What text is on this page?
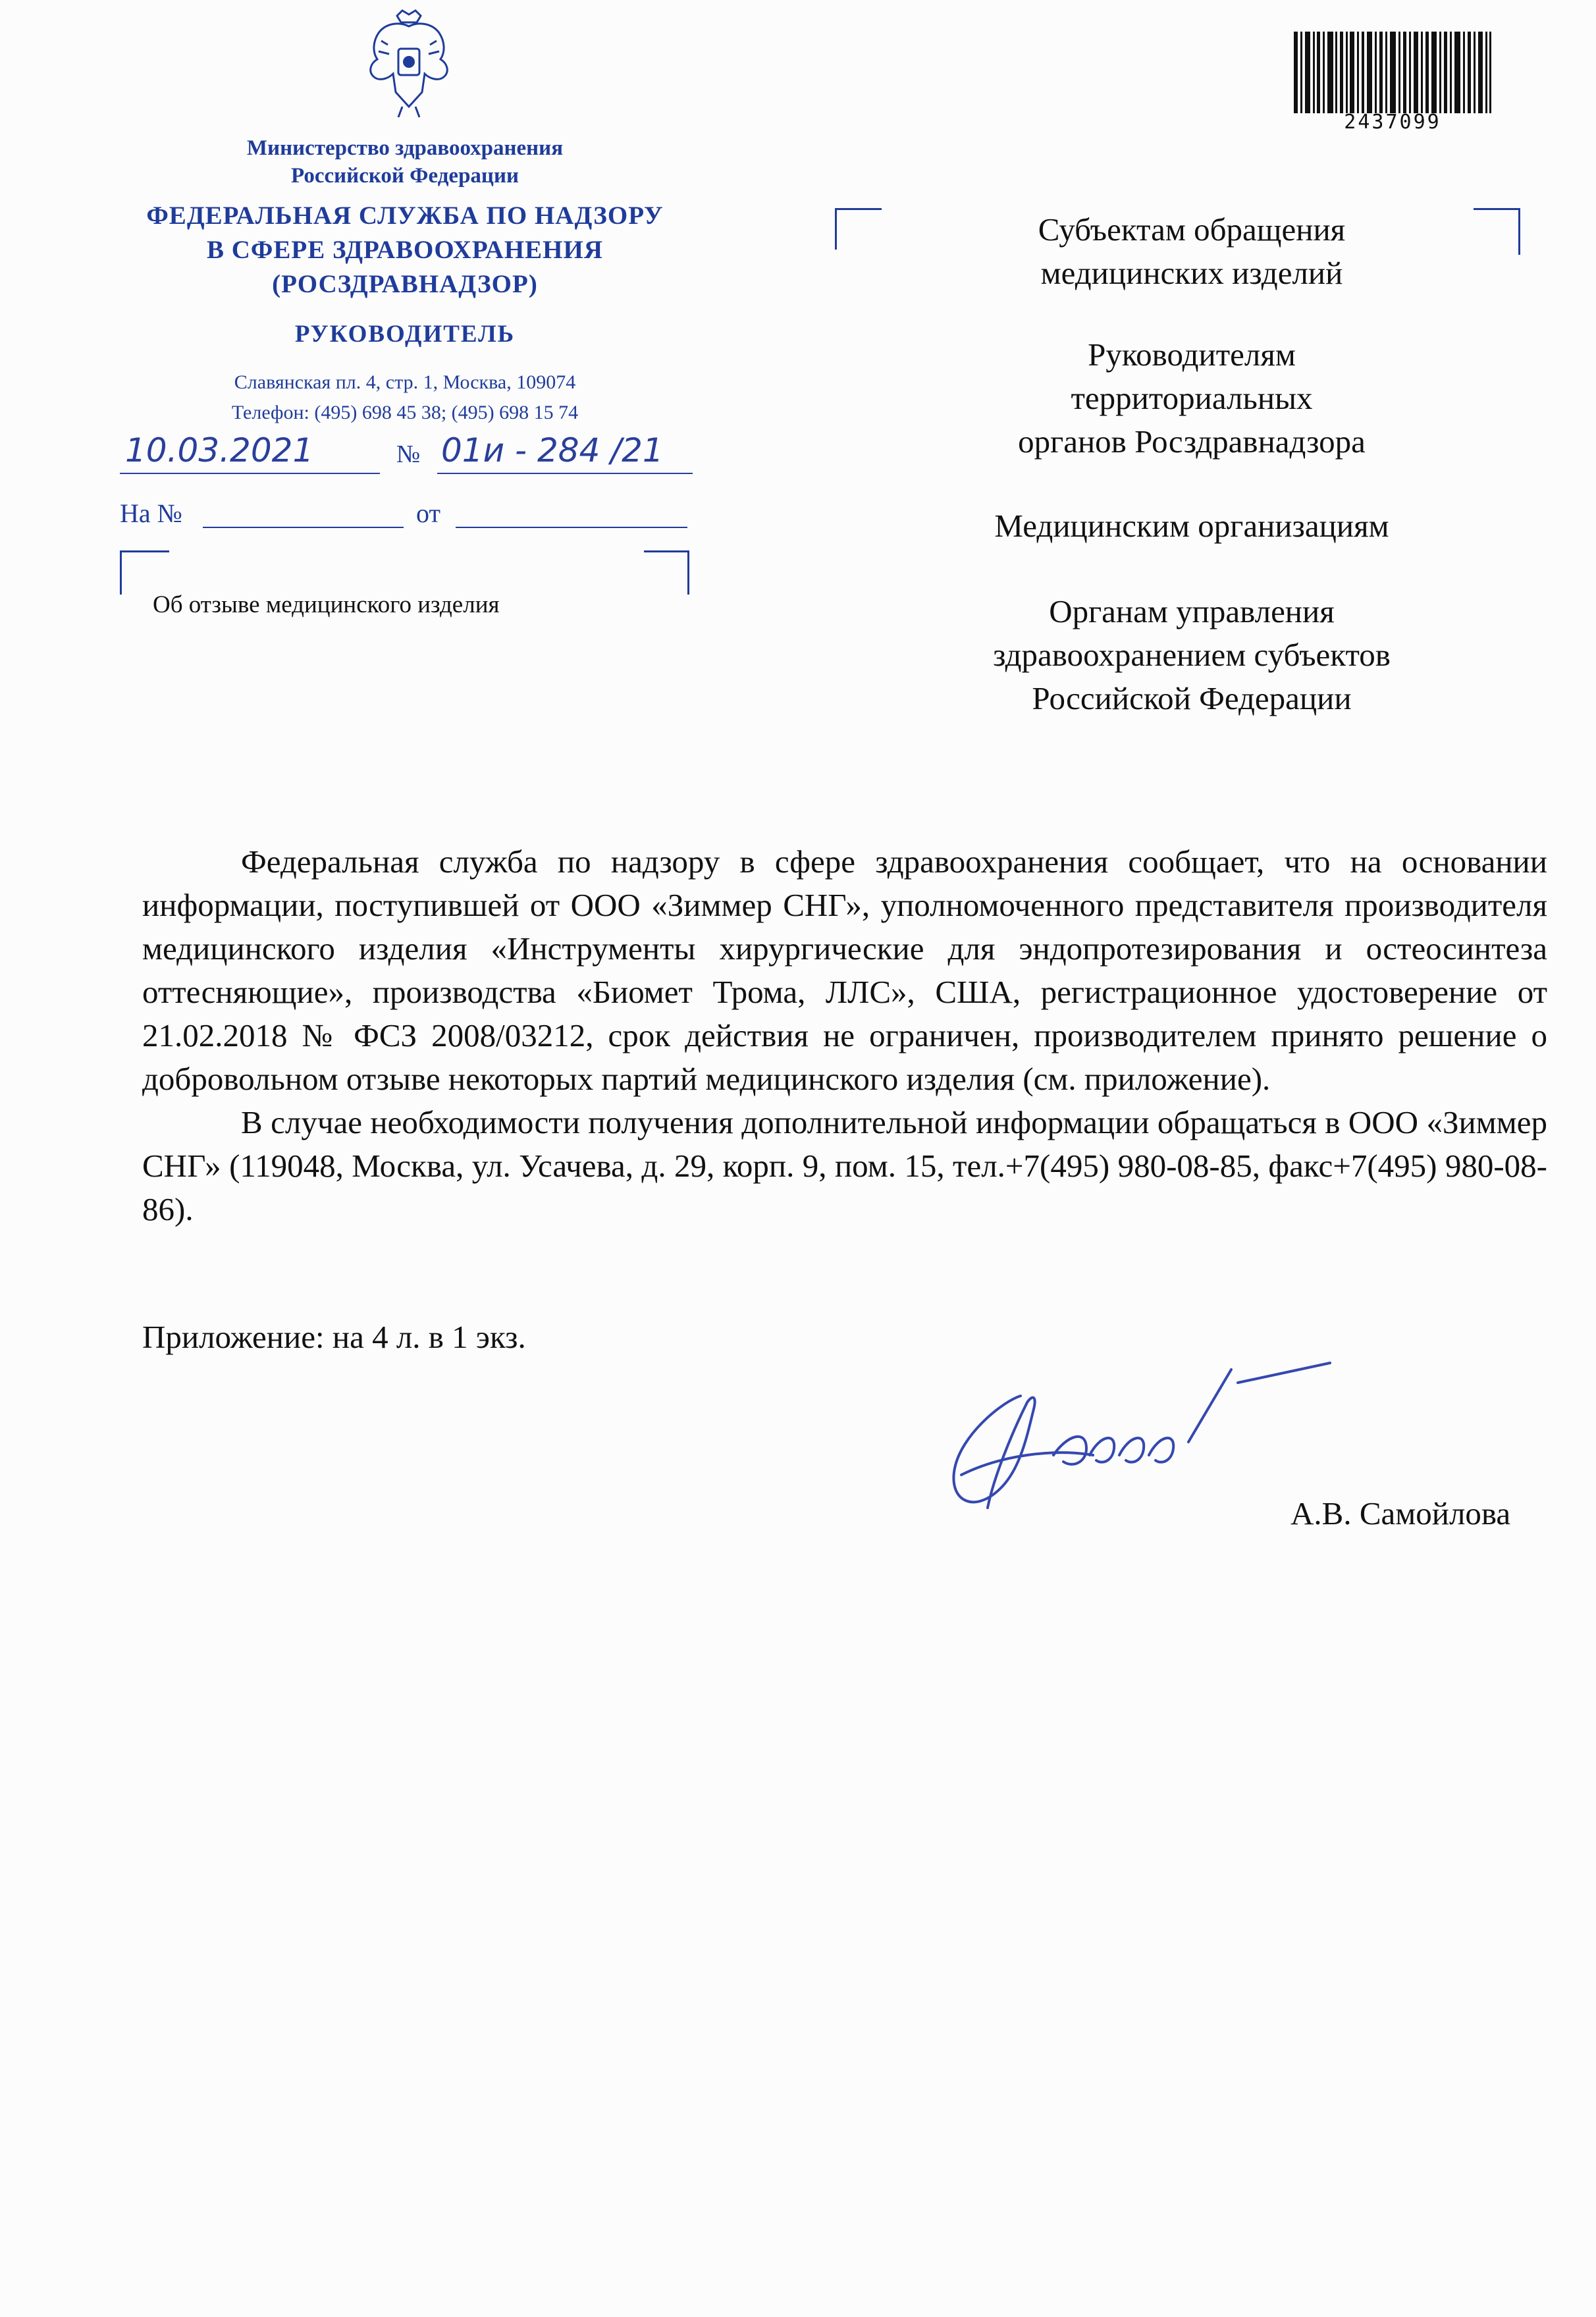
Министерство здравоохранения
Российской Федерации
ФЕДЕРАЛЬНАЯ СЛУЖБА ПО НАДЗОРУ
В СФЕРЕ ЗДРАВООХРАНЕНИЯ
(РОСЗДРАВНАДЗОР)
РУКОВОДИТЕЛЬ
Славянская пл. 4, стр. 1, Москва, 109074
Телефон: (495) 698 45 38; (495) 698 15 74
10.03.2021	№ 01и - 284 /21
На №	от
Об отзыве медицинского изделия
2437099
Субъектам обращения
медицинских изделий
Руководителям
территориальных
органов Росздравнадзора
Медицинским организациям
Органам управления
здравоохранением субъектов
Российской Федерации

Федеральная служба по надзору в сфере здравоохранения сообщает, что на основании информации, поступившей от ООО «Зиммер СНГ», уполномоченного представителя производителя медицинского изделия «Инструменты хирургические для эндопротезирования и остеосинтеза оттесняющие», производства «Биомет Трома, ЛЛС», США, регистрационное удостоверение от 21.02.2018 № ФСЗ 2008/03212, срок действия не ограничен, производителем принято решение о добровольном отзыве некоторых партий медицинского изделия (см. приложение).

В случае необходимости получения дополнительной информации обращаться в ООО «Зиммер СНГ» (119048, Москва, ул. Усачева, д. 29, корп. 9, пом. 15, тел.+7(495) 980-08-85, факс+7(495) 980-08-86).

Приложение: на 4 л. в 1 экз.
А.В. Самойлова
